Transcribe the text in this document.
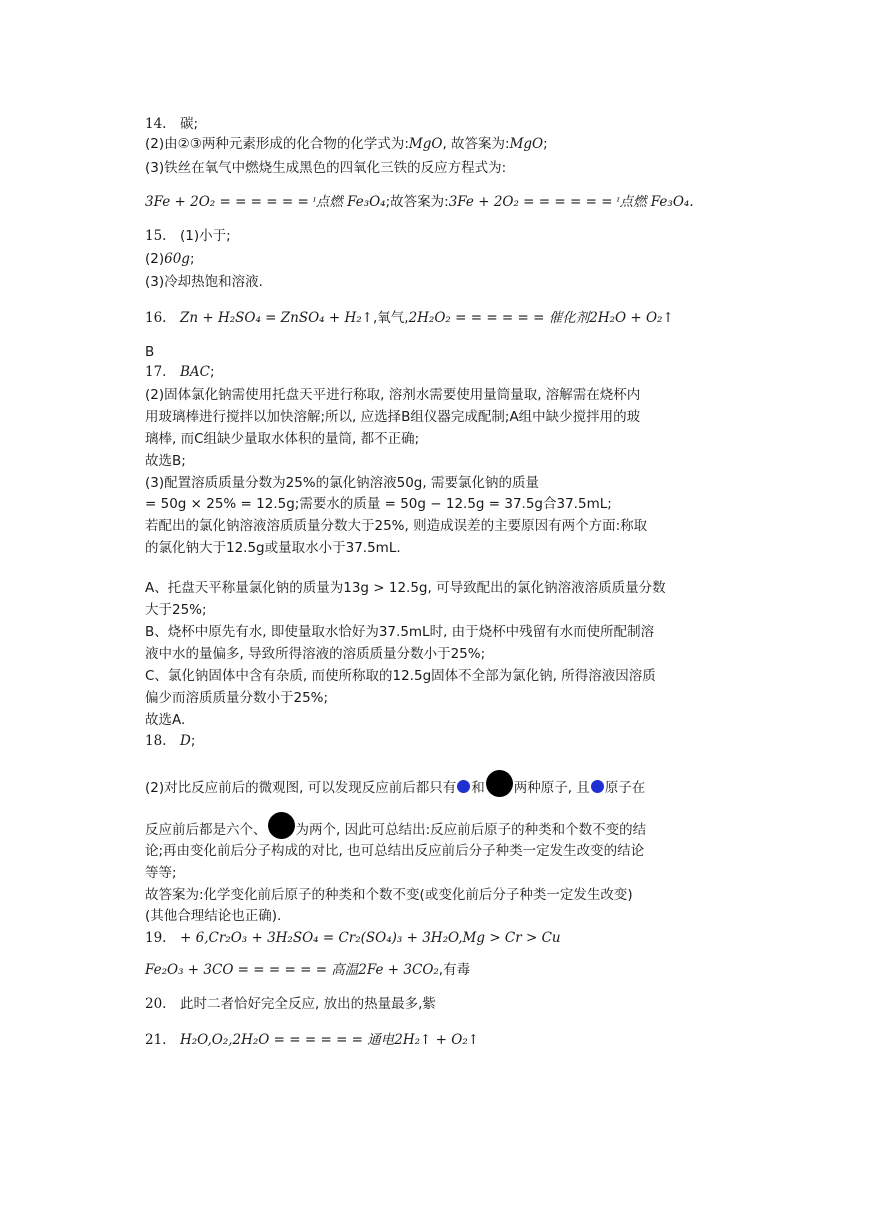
14. 碳;
(2)由②③两种元素形成的化合物的化学式为:MgO, 故答案为:MgO;
(3)铁丝在氧气中燃烧生成黑色的四氧化三铁的反应方程式为:
3Fe + 2O₂ = = = = = = ᶦ点燃 Fe₃O₄;故答案为:3Fe + 2O₂ = = = = = = ᶦ点燃 Fe₃O₄.
15. (1)小于;
(2)60g;
(3)冷却热饱和溶液.
16. Zn + H₂SO₄ = ZnSO₄ + H₂↑,氧气,2H₂O₂ = = = = = = 催化剂2H₂O + O₂↑
B
17. BAC;
(2)固体氯化钠需使用托盘天平进行称取, 溶剂水需要使用量筒量取, 溶解需在烧杯内
用玻璃棒进行搅拌以加快溶解;所以, 应选择B组仪器完成配制;A组中缺少搅拌用的玻
璃棒, 而C组缺少量取水体积的量筒, 都不正确;
故选B;
(3)配置溶质质量分数为25%的氯化钠溶液50g, 需要氯化钠的质量
= 50g × 25% = 12.5g;需要水的质量 = 50g − 12.5g = 37.5g合37.5mL;
若配出的氯化钠溶液溶质质量分数大于25%, 则造成误差的主要原因有两个方面:称取
的氯化钠大于12.5g或量取水小于37.5mL.
A、托盘天平称量氯化钠的质量为13g > 12.5g, 可导致配出的氯化钠溶液溶质质量分数
大于25%;
B、烧杯中原先有水, 即使量取水恰好为37.5mL时, 由于烧杯中残留有水而使所配制溶
液中水的量偏多, 导致所得溶液的溶质质量分数小于25%;
C、氯化钠固体中含有杂质, 而使所称取的12.5g固体不全部为氯化钠, 所得溶液因溶质
偏少而溶质质量分数小于25%;
故选A.
18. D;
(2)对比反应前后的微观图, 可以发现反应前后都只有 和 两种原子, 且 原子在
反应前后都是六个、 为两个, 因此可总结出:反应前后原子的种类和个数不变的结
论;再由变化前后分子构成的对比, 也可总结出反应前后分子种类一定发生改变的结论
等等;
故答案为:化学变化前后原子的种类和个数不变(或变化前后分子种类一定发生改变)
(其他合理结论也正确).
19. + 6,Cr₂O₃ + 3H₂SO₄ = Cr₂(SO₄)₃ + 3H₂O,Mg > Cr > Cu
Fe₂O₃ + 3CO = = = = = = 高温2Fe + 3CO₂,有毒
20. 此时二者恰好完全反应, 放出的热量最多,紫
21. H₂O,O₂,2H₂O = = = = = = 通电2H₂↑ + O₂↑
